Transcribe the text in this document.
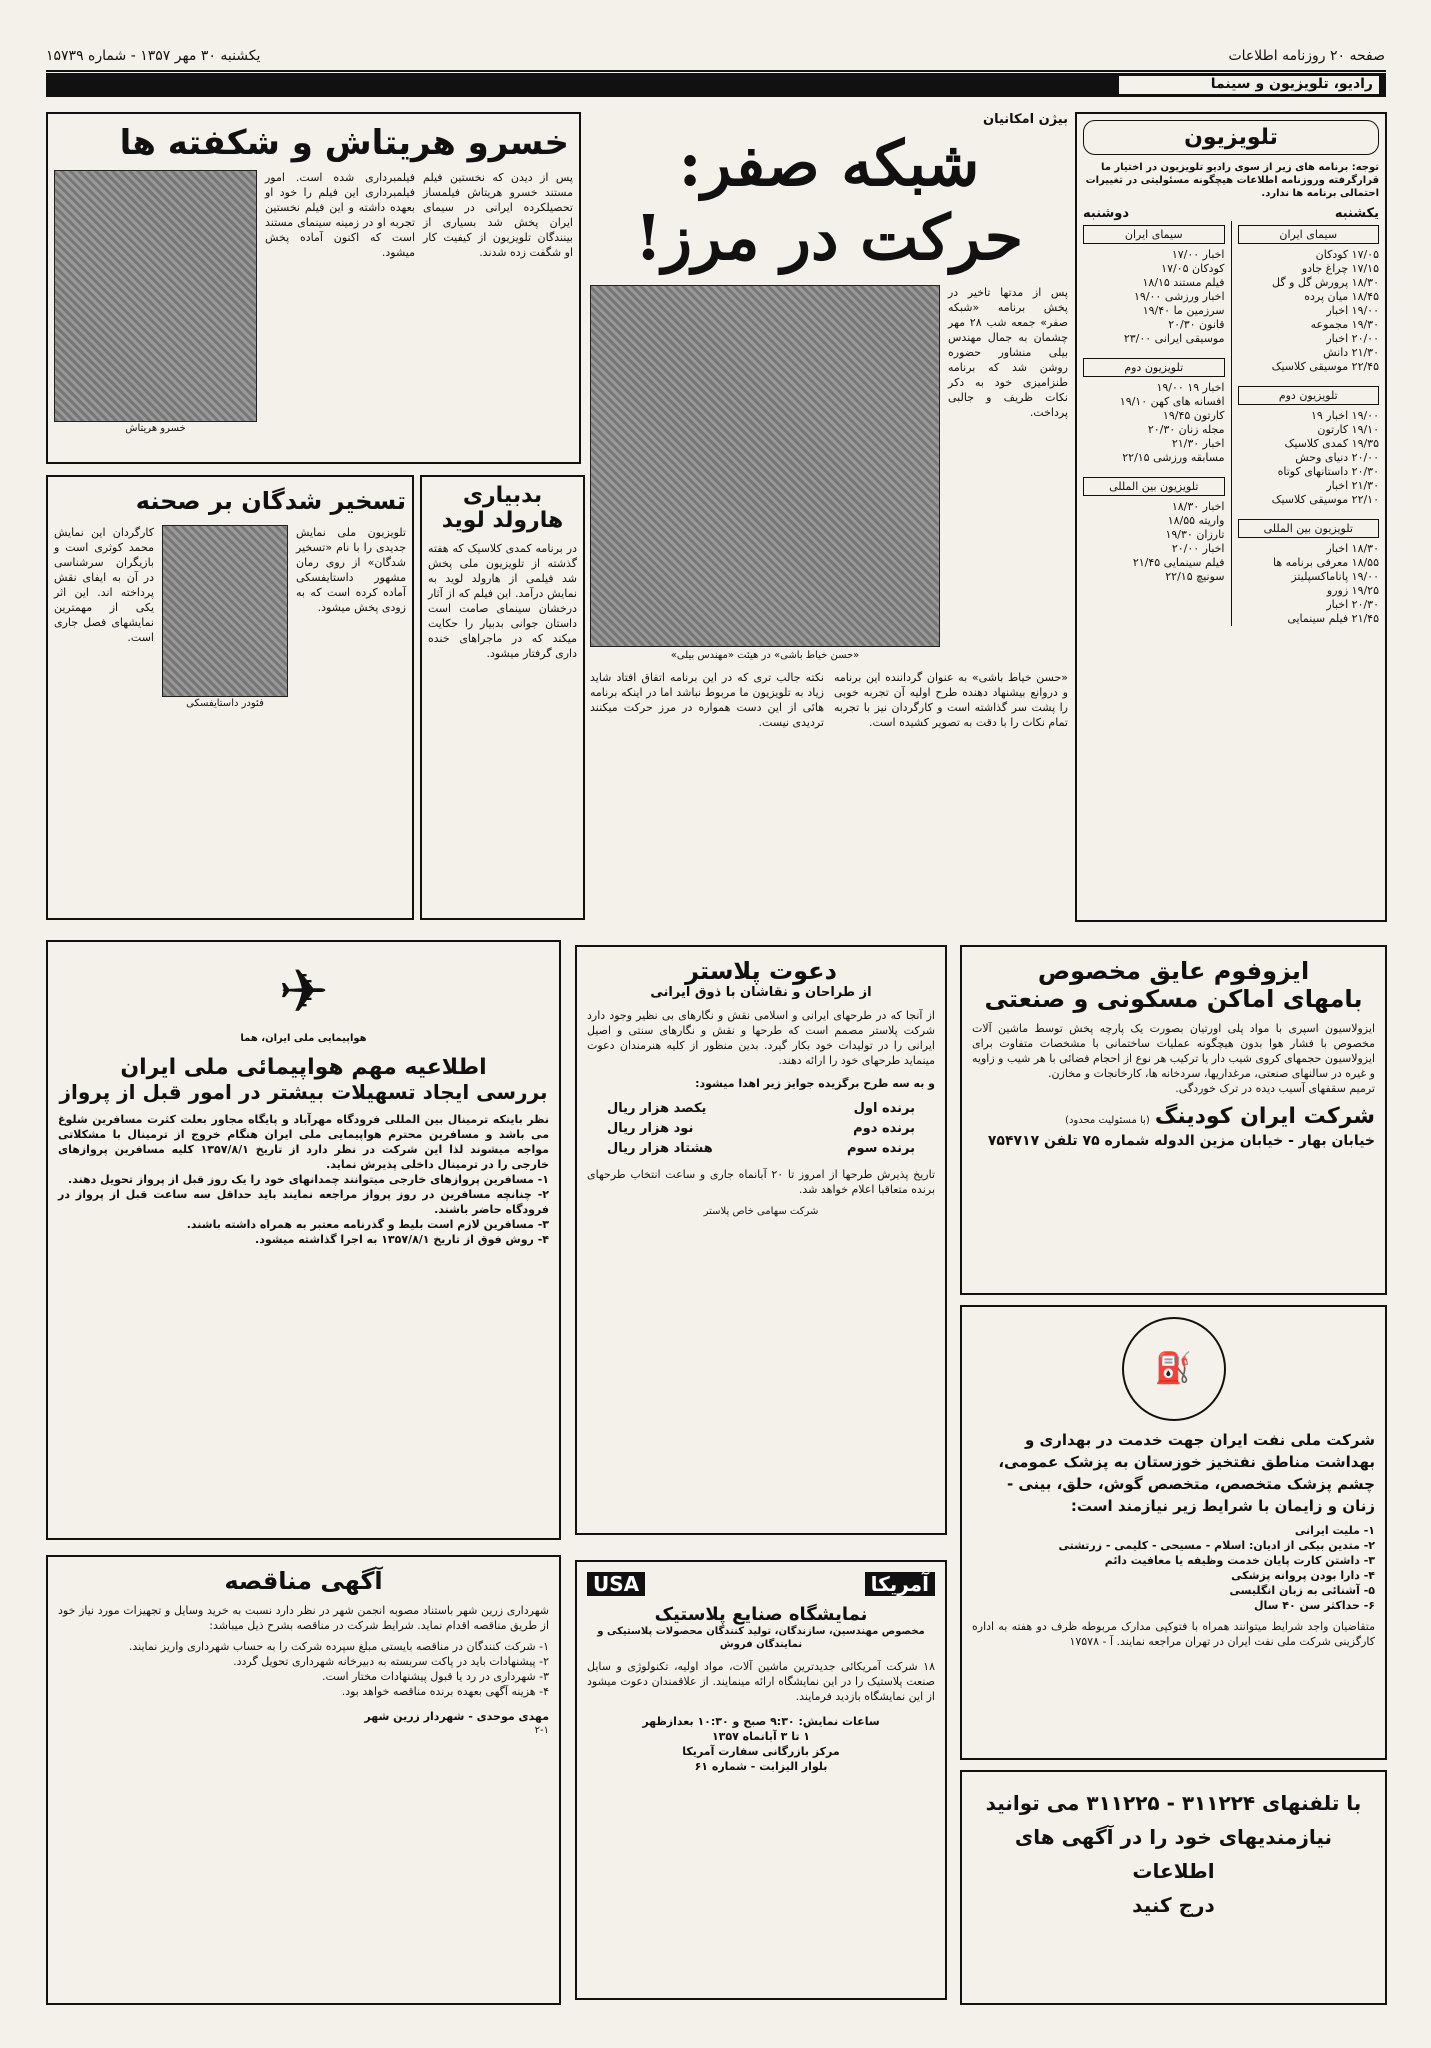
صفحه ۲۰ روزنامه اطلاعات
یکشنبه ۳۰ مهر ۱۳۵۷ - شماره ۱۵۷۳۹
رادیو، تلویزیون و سینما
تلویزیون
توجه: برنامه های زیر از سوی رادیو تلویزیون در اختیار ما قرارگرفته وروزنامه اطلاعات هیچگونه مسئولیتی در تغییرات احتمالی برنامه ها ندارد.
یکشنبه
دوشنبه
سیمای ایران
۱۷/۰۵ کودکان
۱۷/۱۵ چراغ جادو
۱۸/۳۰ پرورش گل و گل
۱۸/۴۵ میان پرده
۱۹/۰۰ اخبار
۱۹/۳۰ مجموعه
۲۰/۰۰ اخبار
۲۱/۳۰ دانش
۲۲/۴۵ موسیقی کلاسیک
تلویزیون دوم
۱۹/۰۰ اخبار ۱۹
۱۹/۱۰ کارتون
۱۹/۳۵ کمدی کلاسیک
۲۰/۰۰ دنیای وحش
۲۰/۳۰ داستانهای کوتاه
۲۱/۳۰ اخبار
۲۲/۱۰ موسیقی کلاسیک
تلویزیون بین المللی
۱۸/۳۰ اخبار
۱۸/۵۵ معرفی برنامه ها
۱۹/۰۰ پاناماکسپلیتز
۱۹/۲۵ زورو
۲۰/۳۰ اخبار
۲۱/۴۵ فیلم سینمایی
سیمای ایران
اخبار ۱۷/۰۰
کودکان ۱۷/۰۵
فیلم مستند ۱۸/۱۵
اخبار ورزشی ۱۹/۰۰
سرزمین ما ۱۹/۴۰
قانون ۲۰/۳۰
موسیقی ایرانی ۲۳/۰۰
تلویزیون دوم
اخبار ۱۹ ۱۹/۰۰
افسانه های کهن ۱۹/۱۰
کارتون ۱۹/۴۵
مجله زنان ۲۰/۳۰
اخبار ۲۱/۳۰
مسابقه ورزشی ۲۲/۱۵
تلویزیون بین المللی
اخبار ۱۸/۳۰
واریته ۱۸/۵۵
تارزان ۱۹/۳۰
اخبار ۲۰/۰۰
فیلم سینمایی ۲۱/۴۵
سونیچ ۲۲/۱۵
بیژن امکانیان
شبکه صفر:
حرکت در مرز!
پس از مدتها تاخیر در پخش برنامه «شبکه صفر» جمعه شب ۲۸ مهر چشمان به جمال مهندس بیلی منشاور حضوره روشن شد که برنامه طنزامیزی خود به دکر نکات ظریف و جالبی پرداخت.
«حسن خیاط باشی» در هیئت «مهندس بیلی»
«حسن خیاط باشی» به عنوان گرداننده این برنامه و دروانع بیشنهاد دهنده طرح اولیه آن تجربه خوبی را پشت سر گذاشته است و کارگردان نیز با تجربه تمام نکات را با دقت به تصویر کشیده است.
نکته جالب تری که در این برنامه اتفاق افتاد شاید زیاد به تلویزیون ما مربوط نباشد اما در اینکه برنامه هائی از این دست همواره در مرز حرکت میکنند تردیدی نیست.
خسرو هریتاش و شکفته ها
پس از دیدن که نخستین فیلم مستند خسرو هریتاش فیلمساز تحصیلکرده ایرانی در سیمای ایران پخش شد بسیاری از بینندگان تلویزیون از کیفیت کار او شگفت زده شدند.
فیلمبرداری شده است. امور فیلمبرداری این فیلم را خود او بعهده داشته و این فیلم نخستین تجربه او در زمینه سینمای مستند است که اکنون آماده پخش میشود.
خسرو هریتاش
بدبیاری
هارولد لوید
در برنامه کمدی کلاسیک که هفته گذشته از تلویزیون ملی پخش شد فیلمی از هارولد لوید به نمایش درآمد. این فیلم که از آثار درخشان سینمای صامت است داستان جوانی بدبیار را حکایت میکند که در ماجراهای خنده داری گرفتار میشود.
تسخیر شدگان بر صحنه
تلویزیون ملی نمایش جدیدی را با نام «تسخیر شدگان» از روی رمان مشهور داستایفسکی آماده کرده است که به زودی پخش میشود.
فئودر داستایفسکی
کارگردان این نمایش محمد کوثری است و بازیگران سرشناسی در آن به ایفای نقش پرداخته اند. این اثر یکی از مهمترین نمایشهای فصل جاری است.
✈
هواپیمایی ملی ایران، هما
اطلاعیه مهم هواپیمائی ملی ایران
بررسی ایجاد تسهیلات بیشتر در امور قبل از پرواز
نظر باینکه ترمینال بین المللی فرودگاه مهرآباد و پایگاه مجاور بعلت کثرت مسافرین شلوغ می باشد و مسافرین محترم هواپیمایی ملی ایران هنگام خروج از ترمینال با مشکلاتی مواجه میشوند لذا این شرکت در نظر دارد از تاریخ ۱۳۵۷/۸/۱ کلیه مسافرین پروازهای خارجی را در ترمینال داخلی پذیرش نماید.
۱- مسافرین پروازهای خارجی میتوانند چمدانهای خود را یک روز قبل از پرواز تحویل دهند.
۲- چنانچه مسافرین در روز پرواز مراجعه نمایند باید حداقل سه ساعت قبل از پرواز در فرودگاه حاضر باشند.
۳- مسافرین لازم است بلیط و گذرنامه معتبر به همراه داشته باشند.
۴- روش فوق از تاریخ ۱۳۵۷/۸/۱ به اجرا گذاشته میشود.
دعوت پلاستر
از طراحان و نقاشان با ذوق ایرانی
از آنجا که در طرحهای ایرانی و اسلامی نقش و نگارهای بی نظیر وجود دارد شرکت پلاستر مصمم است که طرحها و نقش و نگارهای سنتی و اصیل ایرانی را در تولیدات خود بکار گیرد. بدین منظور از کلیه هنرمندان دعوت مینماید طرحهای خود را ارائه دهند.
و به سه طرح برگزیده جوایز زیر اهدا میشود:
برنده اول
یکصد هزار ریال
برنده دوم
نود هزار ریال
برنده سوم
هشتاد هزار ریال
تاریخ پذیرش طرحها از امروز تا ۲۰ آبانماه جاری و ساعت انتخاب طرحهای برنده متعاقبا اعلام خواهد شد.
شرکت سهامی خاص پلاستر
ایزوفوم عایق مخصوص
بامهای اماکن مسکونی و صنعتی
ایزولاسیون اسپری با مواد پلی اورتیان بصورت یک پارچه پخش توسط ماشین آلات مخصوص با فشار هوا بدون هیچگونه عملیات ساختمانی با مشخصات متفاوت برای ایزولاسیون حجمهای کروی شیب دار یا ترکیب هر نوع از احجام فضائی با هر شیب و زاویه و غیره در سالنهای صنعتی، مرغداریها، سردخانه ها، کارخانجات و مخازن.
ترمیم سقفهای آسیب دیده در ترک خوردگی.
شرکت ایران کودینگ (با مسئولیت محدود)
خیابان بهار - خیابان مزین الدوله شماره ۷۵ تلفن ۷۵۴۷۱۷
⛽
شرکت ملی نفت ایران جهت خدمت در بهداری و بهداشت مناطق نفتخیز خوزستان به پزشک عمومی، چشم پزشک متخصص، متخصص گوش، حلق، بینی - زنان و زایمان با شرایط زیر نیازمند است:
۱- ملیت ایرانی
۲- متدین بیکی از ادیان: اسلام - مسیحی - کلیمی - زرتشتی
۳- داشتن کارت پایان خدمت وظیفه یا معافیت دائم
۴- دارا بودن پروانه پزشکی
۵- آشنائی به زبان انگلیسی
۶- حداکثر سن ۴۰ سال
متقاضیان واجد شرایط میتوانند همراه با فتوکپی مدارک مربوطه ظرف دو هفته به اداره کارگزینی شرکت ملی نفت ایران در تهران مراجعه نمایند. آ - ۱۷۵۷۸
آگهی مناقصه
شهرداری زرین شهر باستناد مصوبه انجمن شهر در نظر دارد نسبت به خرید وسایل و تجهیزات مورد نیاز خود از طریق مناقصه اقدام نماید. شرایط شرکت در مناقصه بشرح ذیل میباشد:
۱- شرکت کنندگان در مناقصه بایستی مبلغ سپرده شرکت را به حساب شهرداری واریز نمایند.
۲- پیشنهادات باید در پاکت سربسته به دبیرخانه شهرداری تحویل گردد.
۳- شهرداری در رد یا قبول پیشنهادات مختار است.
۴- هزینه آگهی بعهده برنده مناقصه خواهد بود.
مهدی موحدی - شهردار زرین شهر
۲-۱
آمریکا
USA
نمایشگاه صنایع پلاستیک
مخصوص مهندسین، سازندگان، تولید کنندگان محصولات پلاستیکی و نمایندگان فروش
۱۸ شرکت آمریکائی جدیدترین ماشین آلات، مواد اولیه، تکنولوژی و سایل صنعت پلاستیک را در این نمایشگاه ارائه مینمایند. از علاقمندان دعوت میشود از این نمایشگاه بازدید فرمایند.
ساعات نمایش: ۹:۳۰ صبح و ۱۰:۳۰ بعدازظهر
۱ تا ۳ آبانماه ۱۳۵۷
مرکز بازرگانی سفارت آمریکا
بلوار الیزابت - شماره ۶۱
با تلفنهای ۳۱۱۲۲۴ - ۳۱۱۲۲۵ می توانید
نیازمندیهای خود را در آگهی های اطلاعات
درج کنید
